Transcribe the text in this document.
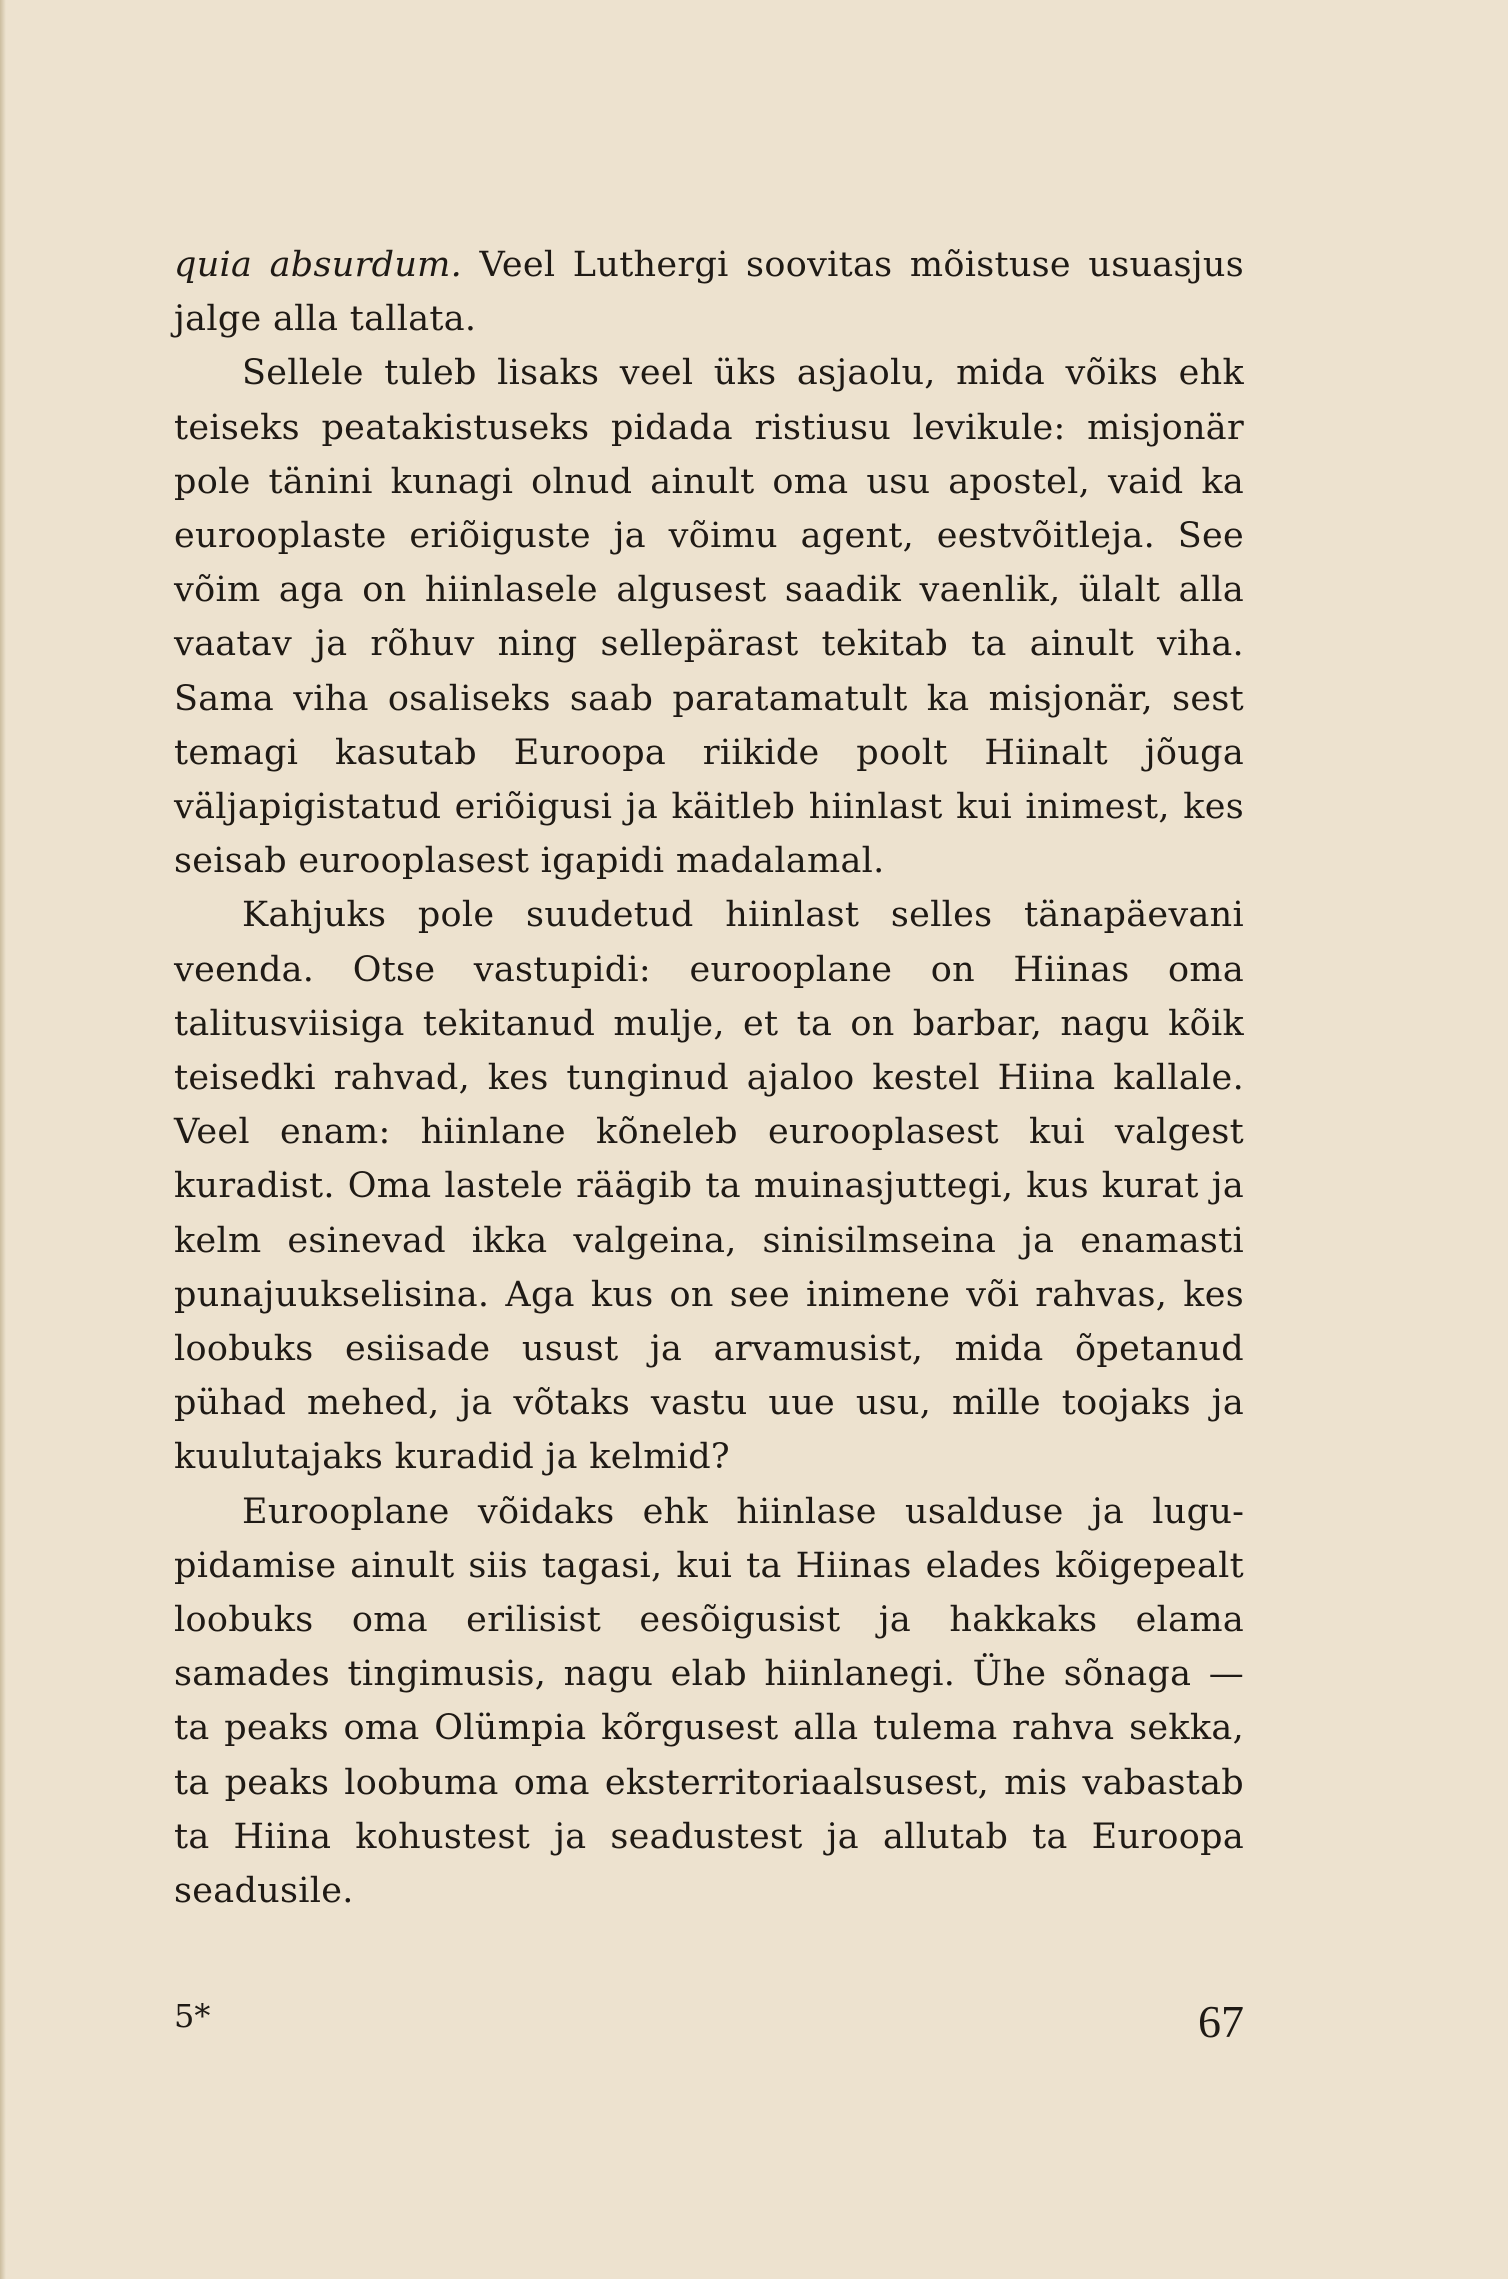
quia absurdum. Veel Luthergi soovitas mõistuse usuasjus jalge alla tallata.

Sellele tuleb lisaks veel üks asjaolu, mida võiks ehk teiseks peatakistuseks pidada ristiusu levikule: misjonär pole tänini kunagi olnud ainult oma usu apostel, vaid ka eurooplaste eriõiguste ja võimu agent, eestvõitleja. See võim aga on hiinlasele algusest saadik vaenlik, ülalt alla vaatav ja rõhuv ning sellepärast tekitab ta ainult viha. Sama viha osaliseks saab paratamatult ka misjonär, sest temagi kasutab Euroopa riikide poolt Hiinalt jõuga väljapigistatud eriõigusi ja käitleb hiinlast kui inimest, kes seisab eurooplasest igapidi madalamal.

Kahjuks pole suudetud hiinlast selles tänapäevani veenda. Otse vastupidi: eurooplane on Hiinas oma talitusviisiga tekitanud mulje, et ta on barbar, nagu kõik teisedki rahvad, kes tunginud ajaloo kestel Hiina kallale. Veel enam: hiinlane kõneleb eurooplasest kui valgest kuradist. Oma lastele räägib ta muinasjuttegi, kus kurat ja kelm esinevad ikka valgeina, sinisilmseina ja enamasti punajuukselisina. Aga kus on see inimene või rahvas, kes loobuks esiisade usust ja arvamusist, mida õpetanud pühad mehed, ja võtaks vastu uue usu, mille toojaks ja kuulutajaks kuradid ja kelmid?

Eurooplane võidaks ehk hiinlase usalduse ja lugupidamise ainult siis tagasi, kui ta Hiinas elades kõigepealt loobuks oma erilisist eesõigusist ja hakkaks elama samades tingimusis, nagu elab hiinlanegi. Ühe sõnaga — ta peaks oma Olümpia kõrgusest alla tulema rahva sekka, ta peaks loobuma oma eksterritoriaalsusest, mis vabastab ta Hiina kohustest ja seadustest ja allutab ta Euroopa seadusile.

5*	67
